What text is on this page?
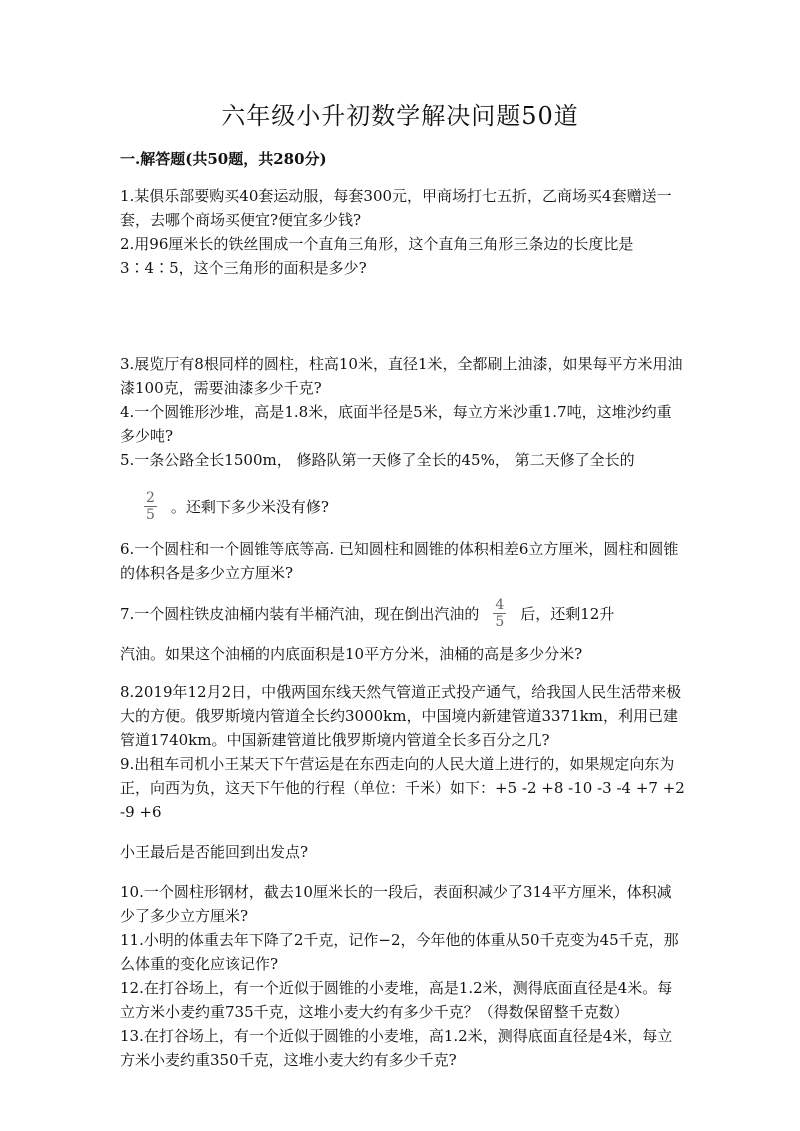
六年级小升初数学解决问题50道
一.解答题(共50题，共280分)

1.某俱乐部要购买40套运动服，每套300元，甲商场打七五折，乙商场买4套赠送一套，去哪个商场买便宜?便宜多少钱?

2.用96厘米长的铁丝围成一个直角三角形，这个直角三角形三条边的长度比是3∶4∶5，这个三角形的面积是多少?

3.展览厅有8根同样的圆柱，柱高10米，直径1米，全都刷上油漆，如果每平方米用油漆100克，需要油漆多少千克?

4.一个圆锥形沙堆，高是1.8米，底面半径是5米，每立方米沙重1.7吨，这堆沙约重多少吨?

5.一条公路全长1500m， 修路队第一天修了全长的45%， 第二天修了全长的

$\frac{2}{5}$ 。还剩下多少米没有修?

6.一个圆柱和一个圆锥等底等高. 已知圆柱和圆锥的体积相差6立方厘米，圆柱和圆锥的体积各是多少立方厘米?

7.一个圆柱铁皮油桶内装有半桶汽油，现在倒出汽油的 $\frac{4}{5}$ 后，还剩12升

汽油。如果这个油桶的内底面积是10平方分米，油桶的高是多少分米?

8.2019年12月2日，中俄两国东线天然气管道正式投产通气，给我国人民生活带来极大的方便。俄罗斯境内管道全长约3000km，中国境内新建管道3371km，利用已建管道1740km。中国新建管道比俄罗斯境内管道全长多百分之几?

9.出租车司机小王某天下午营运是在东西走向的人民大道上进行的，如果规定向东为正，向西为负，这天下午他的行程（单位：千米）如下：+5 -2 +8 -10 -3 -4 +7 +2 -9 +6

小王最后是否能回到出发点?

10.一个圆柱形钢材，截去10厘米长的一段后，表面积减少了314平方厘米，体积减少了多少立方厘米?

11.小明的体重去年下降了2千克，记作−2，今年他的体重从50千克变为45千克，那么体重的变化应该记作?

12.在打谷场上，有一个近似于圆锥的小麦堆，高是1.2米，测得底面直径是4米。每立方米小麦约重735千克，这堆小麦大约有多少千克？（得数保留整千克数）

13.在打谷场上，有一个近似于圆锥的小麦堆，高1.2米，测得底面直径是4米，每立方米小麦约重350千克，这堆小麦大约有多少千克?
